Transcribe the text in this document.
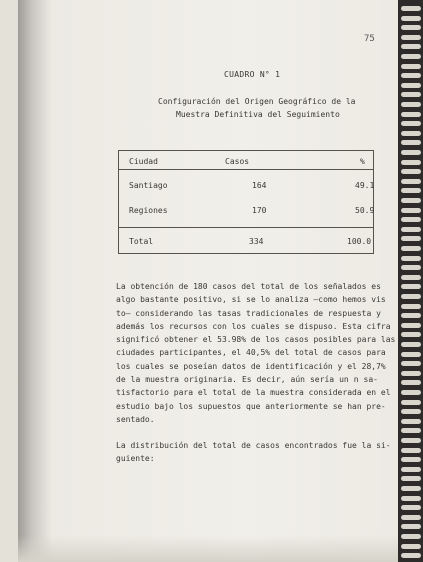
75
CUADRO N° 1
Configuración del Origen Geográfico de la
Muestra Definitiva del Seguimiento
Ciudad	Casos	%
Santiago	164	49.1
Regiones	170	50.9
Total	334	100.0
La obtención de 180 casos del total de los señalados es
algo bastante positivo, si se lo analiza —como hemos vis
to— considerando las tasas tradicionales de respuesta y
además los recursos con los cuales se dispuso. Esta cifra
significó obtener el 53.98% de los casos posibles para las
ciudades participantes, el 40,5% del total de casos para
los cuales se poseían datos de identificación y el 28,7%
de la muestra originaria. Es decir, aún sería un n sa-
tisfactorio para el total de la muestra considerada en el
estudio bajo los supuestos que anteriormente se han pre-
sentado.
La distribución del total de casos encontrados fue la si-
guiente:
